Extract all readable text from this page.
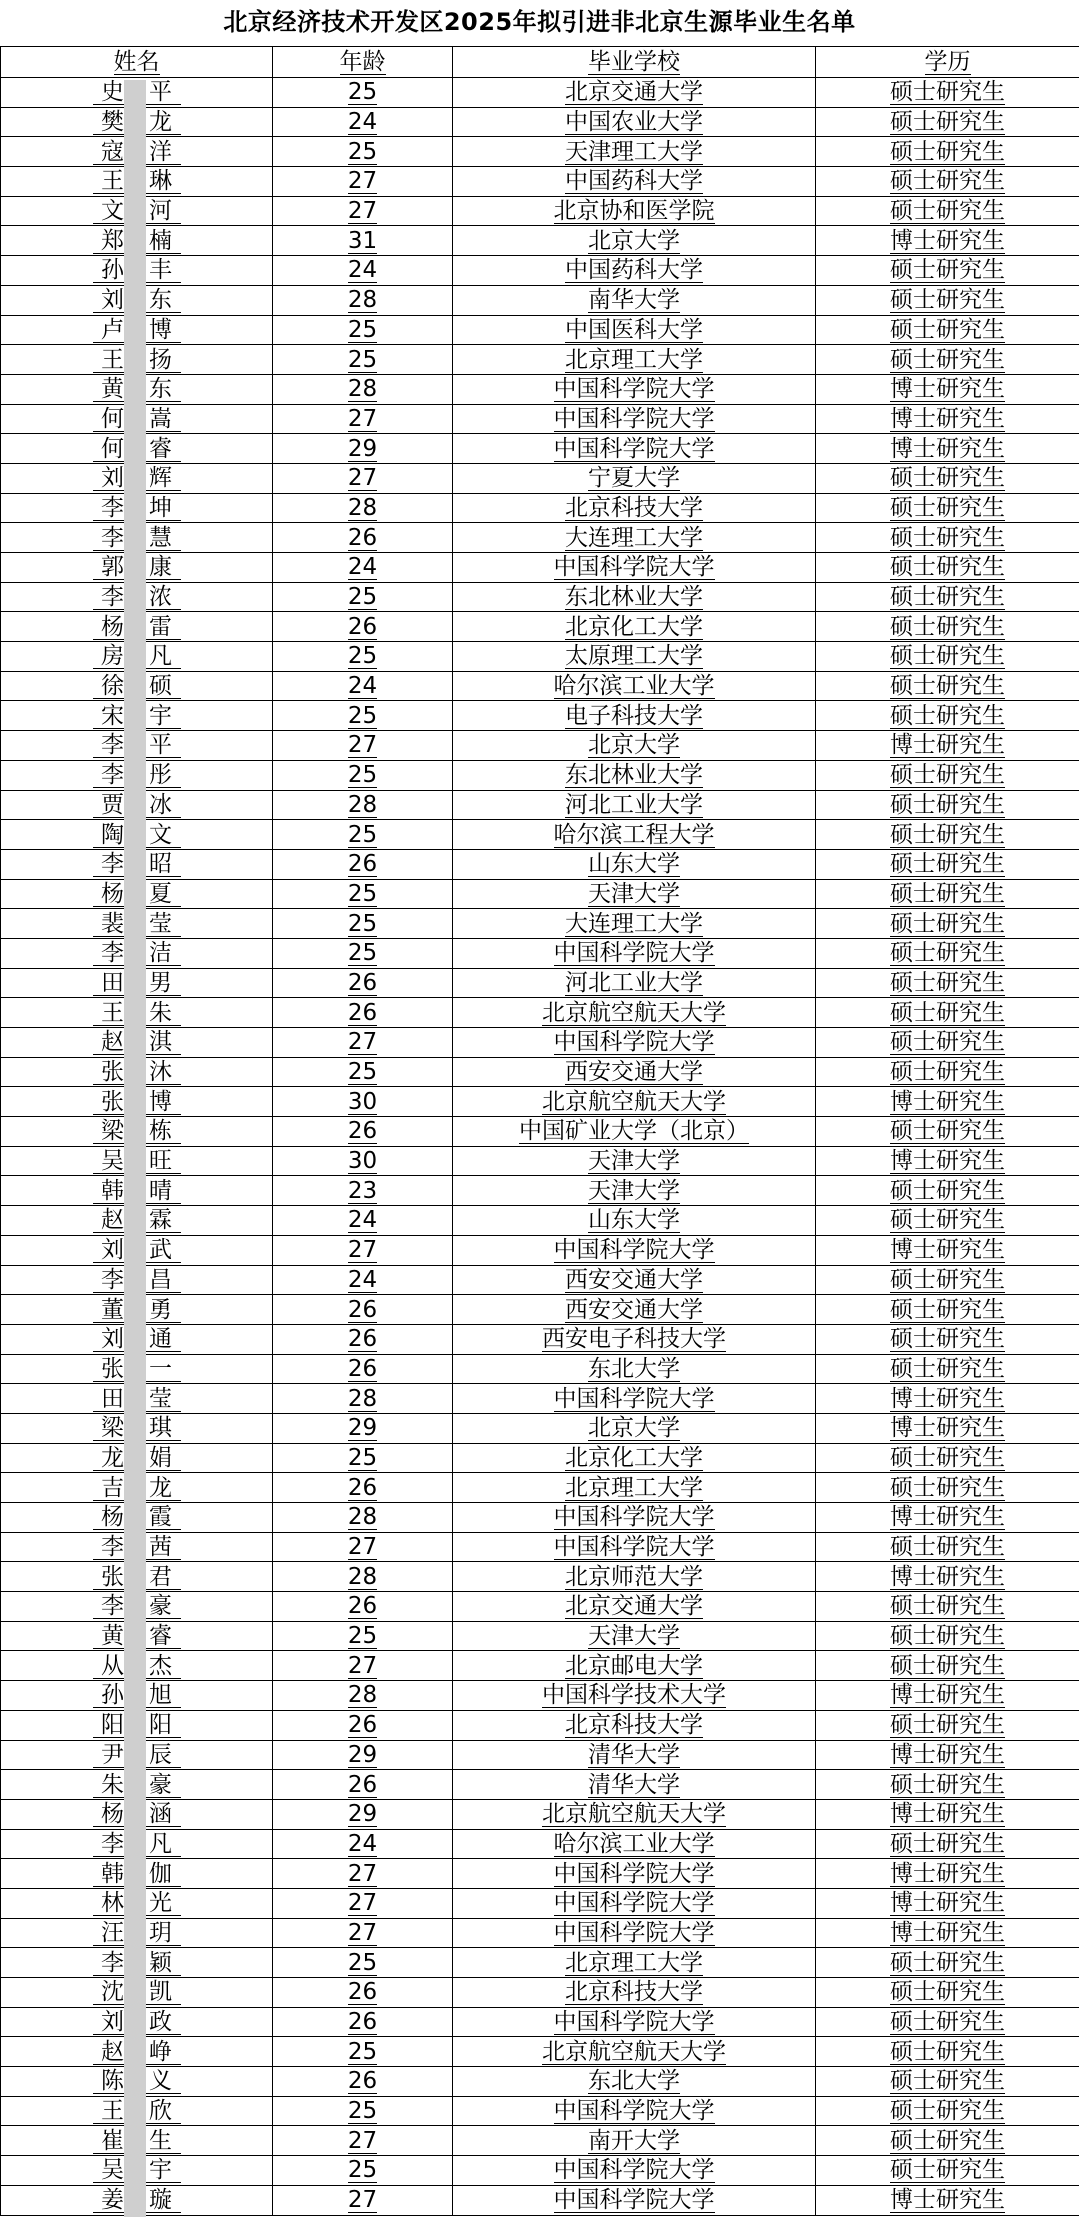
北京经济技术开发区2025年拟引进非北京生源毕业生名单
姓名	年龄	毕业学校	学历
史 平	25	北京交通大学	硕士研究生
樊 龙	24	中国农业大学	硕士研究生
寇 洋	25	天津理工大学	硕士研究生
王 琳	27	中国药科大学	硕士研究生
文 河	27	北京协和医学院	硕士研究生
郑 楠	31	北京大学	博士研究生
孙 丰	24	中国药科大学	硕士研究生
刘 东	28	南华大学	硕士研究生
卢 博	25	中国医科大学	硕士研究生
王 扬	25	北京理工大学	硕士研究生
黄 东	28	中国科学院大学	博士研究生
何 嵩	27	中国科学院大学	博士研究生
何 睿	29	中国科学院大学	博士研究生
刘 辉	27	宁夏大学	硕士研究生
李 坤	28	北京科技大学	硕士研究生
李 慧	26	大连理工大学	硕士研究生
郭 康	24	中国科学院大学	硕士研究生
李 浓	25	东北林业大学	硕士研究生
杨 雷	26	北京化工大学	硕士研究生
房 凡	25	太原理工大学	硕士研究生
徐 硕	24	哈尔滨工业大学	硕士研究生
宋 宇	25	电子科技大学	硕士研究生
李 平	27	北京大学	博士研究生
李 彤	25	东北林业大学	硕士研究生
贾 冰	28	河北工业大学	硕士研究生
陶 文	25	哈尔滨工程大学	硕士研究生
李 昭	26	山东大学	硕士研究生
杨 夏	25	天津大学	硕士研究生
裴 莹	25	大连理工大学	硕士研究生
李 洁	25	中国科学院大学	硕士研究生
田 男	26	河北工业大学	硕士研究生
王 朱	26	北京航空航天大学	硕士研究生
赵 淇	27	中国科学院大学	硕士研究生
张 沐	25	西安交通大学	硕士研究生
张 博	30	北京航空航天大学	博士研究生
梁 栋	26	中国矿业大学（北京）	硕士研究生
吴 旺	30	天津大学	博士研究生
韩 晴	23	天津大学	硕士研究生
赵 霖	24	山东大学	硕士研究生
刘 武	27	中国科学院大学	博士研究生
李 昌	24	西安交通大学	硕士研究生
董 勇	26	西安交通大学	硕士研究生
刘 通	26	西安电子科技大学	硕士研究生
张 一	26	东北大学	硕士研究生
田 莹	28	中国科学院大学	博士研究生
梁 琪	29	北京大学	博士研究生
龙 娟	25	北京化工大学	硕士研究生
吉 龙	26	北京理工大学	硕士研究生
杨 霞	28	中国科学院大学	博士研究生
李 茜	27	中国科学院大学	硕士研究生
张 君	28	北京师范大学	博士研究生
李 豪	26	北京交通大学	硕士研究生
黄 睿	25	天津大学	硕士研究生
从 杰	27	北京邮电大学	硕士研究生
孙 旭	28	中国科学技术大学	博士研究生
阳 阳	26	北京科技大学	硕士研究生
尹 辰	29	清华大学	博士研究生
朱 豪	26	清华大学	硕士研究生
杨 涵	29	北京航空航天大学	博士研究生
李 凡	24	哈尔滨工业大学	硕士研究生
韩 伽	27	中国科学院大学	博士研究生
林 光	27	中国科学院大学	博士研究生
汪 玥	27	中国科学院大学	博士研究生
李 颖	25	北京理工大学	硕士研究生
沈 凯	26	北京科技大学	硕士研究生
刘 政	26	中国科学院大学	硕士研究生
赵 峥	25	北京航空航天大学	硕士研究生
陈 义	26	东北大学	硕士研究生
王 欣	25	中国科学院大学	硕士研究生
崔 生	27	南开大学	硕士研究生
吴 宇	25	中国科学院大学	硕士研究生
姜 璇	27	中国科学院大学	博士研究生
